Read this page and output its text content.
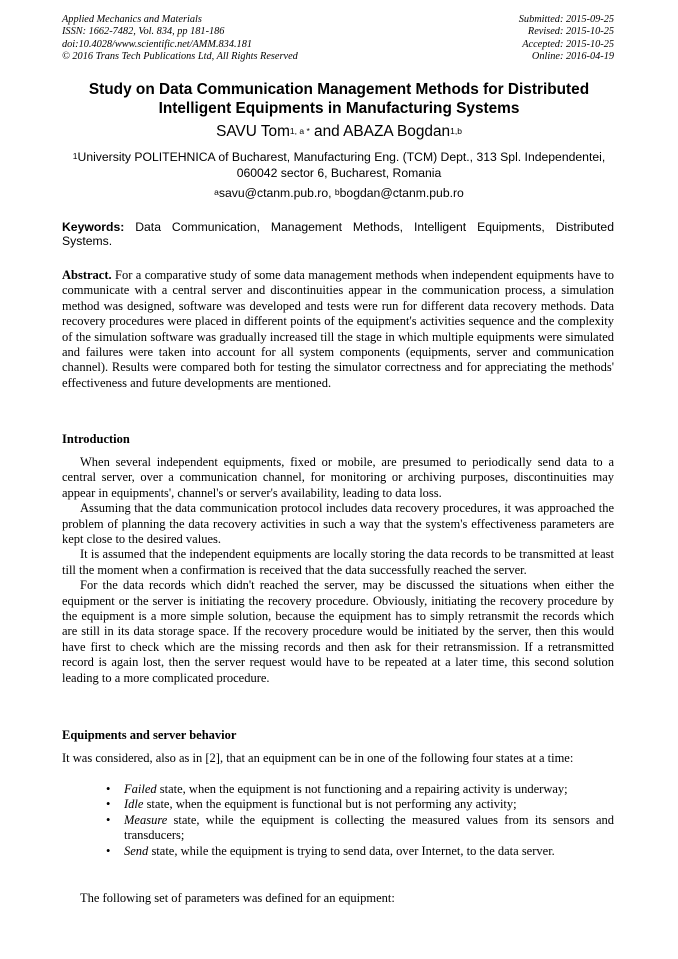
Applied Mechanics and Materials
ISSN: 1662-7482, Vol. 834, pp 181-186
doi:10.4028/www.scientific.net/AMM.834.181
© 2016 Trans Tech Publications Ltd, All Rights Reserved
Submitted: 2015-09-25
Revised: 2015-10-25
Accepted: 2015-10-25
Online: 2016-04-19
Study on Data Communication Management Methods for Distributed
Intelligent Equipments in Manufacturing Systems
SAVU Tom$^{1, a *}$ and ABAZA Bogdan$^{1,b}$
$^1$University POLITEHNICA of Bucharest, Manufacturing Eng. (TCM) Dept., 313 Spl. Independentei,
060042 sector 6, Bucharest, Romania
$^a$savu@ctanm.pub.ro, $^b$bogdan@ctanm.pub.ro
Keywords: Data Communication, Management Methods, Intelligent Equipments, Distributed Systems.
Abstract. For a comparative study of some data management methods when independent equipments have to communicate with a central server and discontinuities appear in the communication process, a simulation method was designed, software was developed and tests were run for different data recovery methods. Data recovery procedures were placed in different points of the equipment's activities sequence and the complexity of the simulation software was gradually increased till the stage in which multiple equipments were simulated and failures were taken into account for all system components (equipments, server and communication channel). Results were compared both for testing the simulator correctness and for appreciating the methods' effectiveness and future developments are mentioned.
Introduction

When several independent equipments, fixed or mobile, are presumed to periodically send data to a central server, over a communication channel, for monitoring or archiving purposes, discontinuities may appear in equipments', channel's or server's availability, leading to data loss.

Assuming that the data communication protocol includes data recovery procedures, it was approached the problem of planning the data recovery activities in such a way that the system's effectiveness parameters are kept close to the desired values.

It is assumed that the independent equipments are locally storing the data records to be transmitted at least till the moment when a confirmation is received that the data successfully reached the server.

For the data records which didn't reached the server, may be discussed the situations when either the equipment or the server is initiating the recovery procedure. Obviously, initiating the recovery procedure by the equipment is a more simple solution, because the equipment has to simply retransmit the records which are still in its data storage space. If the recovery procedure would be initiated by the server, then this would have first to check which are the missing records and then ask for their retransmission. If a retransmitted record is again lost, then the server request would have to be repeated at a later time, this second solution leading to a more complicated procedure.

Equipments and server behavior

It was considered, also as in [2], that an equipment can be in one of the following four states at a time:

• Failed state, when the equipment is not functioning and a repairing activity is underway;
• Idle state, when the equipment is functional but is not performing any activity;
• Measure state, while the equipment is collecting the measured values from its sensors and transducers;
• Send state, while the equipment is trying to send data, over Internet, to the data server.
The following set of parameters was defined for an equipment:
